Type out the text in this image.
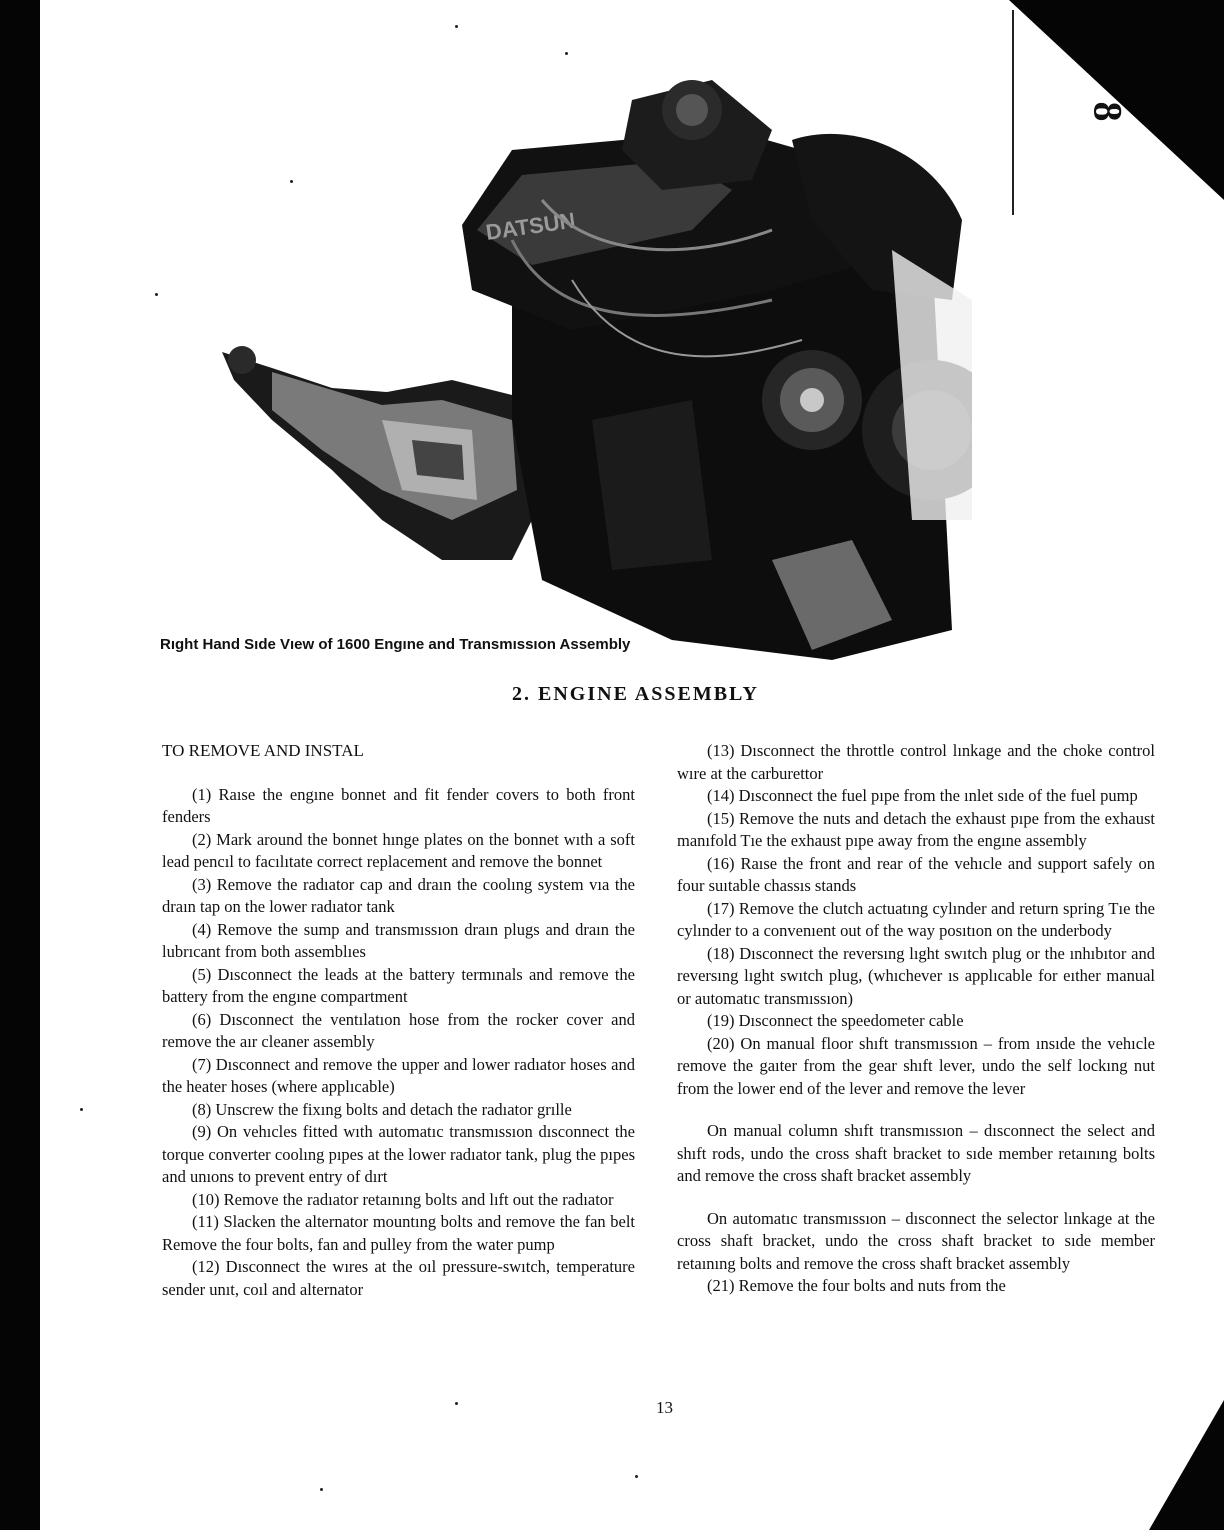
8
DATSUN
Rıght Hand Sıde Vıew of 1600 Engıne and Transmıssıon Assembly
2. ENGINE ASSEMBLY
TO REMOVE AND INSTAL

(1) Raıse the engıne bonnet and fit fender covers to both front fenders

(2) Mark around the bonnet hınge plates on the bonnet wıth a soft lead pencıl to facılıtate correct replacement and remove the bonnet

(3) Remove the radıator cap and draın the coolıng system vıa the draın tap on the lower radıator tank

(4) Remove the sump and transmıssıon draın plugs and draın the lubrıcant from both assemblıes

(5) Dısconnect the leads at the battery termınals and remove the battery from the engıne compartment

(6) Dısconnect the ventılatıon hose from the rocker cover and remove the aır cleaner assembly

(7) Dısconnect and remove the upper and lower radıator hoses and the heater hoses (where applıcable)

(8) Unscrew the fixıng bolts and detach the radıator grılle

(9) On vehıcles fitted wıth automatıc transmıssıon dısconnect the torque converter coolıng pıpes at the lower radıator tank, plug the pıpes and unıons to prevent entry of dırt

(10) Remove the radıator retaınıng bolts and lıft out the radıator

(11) Slacken the alternator mountıng bolts and remove the fan belt Remove the four bolts, fan and pulley from the water pump

(12) Dısconnect the wıres at the oıl pressure-swıtch, temperature sender unıt, coıl and alternator

(13) Dısconnect the throttle control lınkage and the choke control wıre at the carburettor

(14) Dısconnect the fuel pıpe from the ınlet sıde of the fuel pump

(15) Remove the nuts and detach the exhaust pıpe from the exhaust manıfold Tıe the exhaust pıpe away from the engıne assembly

(16) Raıse the front and rear of the vehıcle and support safely on four suıtable chassıs stands

(17) Remove the clutch actuatıng cylınder and return spring Tıe the cylınder to a convenıent out of the way posıtıon on the underbody

(18) Dısconnect the reversıng lıght swıtch plug or the ınhıbıtor and reversıng lıght swıtch plug, (whıchever ıs applıcable for eıther manual or automatıc transmıssıon)

(19) Dısconnect the speedometer cable

(20) On manual floor shıft transmıssıon – from ınsıde the vehıcle remove the gaıter from the gear shıft lever, undo the self lockıng nut from the lower end of the lever and remove the lever

On manual column shıft transmıssıon – dısconnect the select and shıft rods, undo the cross shaft bracket to sıde member retaınıng bolts and remove the cross shaft bracket assembly

On automatıc transmıssıon – dısconnect the selector lınkage at the cross shaft bracket, undo the cross shaft bracket to sıde member retaınıng bolts and remove the cross shaft bracket assembly

(21) Remove the four bolts and nuts from the

13
